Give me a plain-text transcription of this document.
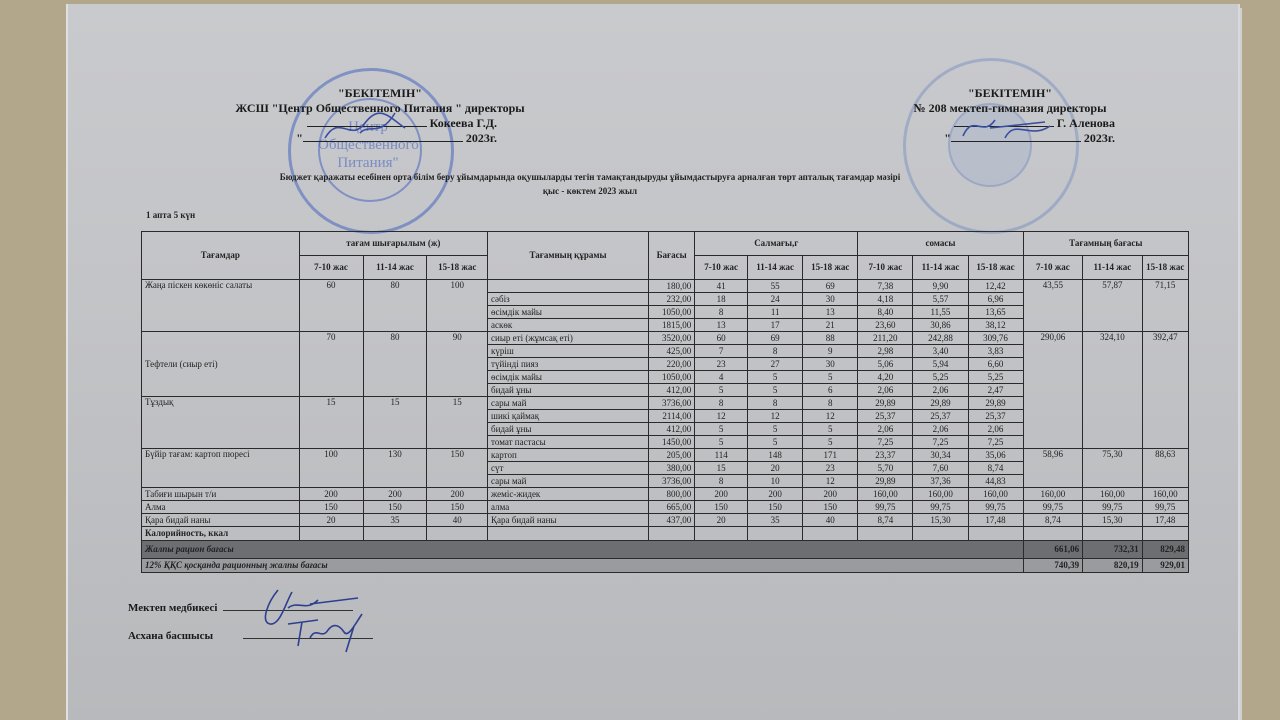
Центр
Общественного
Питания"
"БЕКІТЕМІН"
ЖСШ "Центр Общественного Питания " директоры
Кокеева Г.Д.
"	2023г.
"БЕКІТЕМІН"
№ 208 мектеп-гимназия директоры
Г. Аленова
"	2023г.
Бюджет қаражаты есебінен орта білім беру ұйымдарында оқушыларды тегін тамақтандыруды ұйымдастыруға арналған төрт апталық тағамдар мәзірі
қыс - көктем 2023 жыл
1 апта 5 күн
Тағамдар	тағам шығарылым (ж)			Тағамның құрамы	Бағасы	Салмағы,г			сомасы			Тағамның бағасы		
	7-10 жас	11-14 жас	15-18 жас			7-10 жас	11-14 жас	15-18 жас	7-10 жас	11-14 жас	15-18 жас	7-10 жас	11-14 жас	15-18 жас
Жаңа піскен көкөніс салаты	60	80	100		180,00	41	55	69	7,38	9,90	12,42	43,55	57,87	71,15
				сәбіз	232,00	18	24	30	4,18	5,57	6,96			
				өсімдік майы	1050,00	8	11	13	8,40	11,55	13,65			
				аскөк	1815,00	13	17	21	23,60	30,86	38,12			
Тефтели (сиыр еті)	70	80	90	сиыр еті (жұмсақ еті)	3520,00	60	69	88	211,20	242,88	309,76	290,06	324,10	392,47
				күріш	425,00	7	8	9	2,98	3,40	3,83			
				түйінді пияз	220,00	23	27	30	5,06	5,94	6,60			
				өсімдік майы	1050,00	4	5	5	4,20	5,25	5,25			
				бидай ұны	412,00	5	5	6	2,06	2,06	2,47			
Тұздық	15	15	15	сары май	3736,00	8	8	8	29,89	29,89	29,89			
				шикі қаймақ	2114,00	12	12	12	25,37	25,37	25,37			
				бидай ұны	412,00	5	5	5	2,06	2,06	2,06			
				томат пастасы	1450,00	5	5	5	7,25	7,25	7,25			
Бүйір тағам: картоп пюресі	100	130	150	картоп	205,00	114	148	171	23,37	30,34	35,06	58,96	75,30	88,63
				сүт	380,00	15	20	23	5,70	7,60	8,74			
				сары май	3736,00	8	10	12	29,89	37,36	44,83			
Табиғи шырын т/и	200	200	200	жеміс-жидек	800,00	200	200	200	160,00	160,00	160,00	160,00	160,00	160,00
Алма	150	150	150	алма	665,00	150	150	150	99,75	99,75	99,75	99,75	99,75	99,75
Қара бидай наны	20	35	40	Қара бидай наны	437,00	20	35	40	8,74	15,30	17,48	8,74	15,30	17,48
Калорийность, ккал														
Жалпы рацион бағасы												661,06	732,31	829,48
12% ҚҚС қосқанда рационның жалпы бағасы												740,39	820,19	929,01
Мектеп медбикесі
Асхана басшысы
